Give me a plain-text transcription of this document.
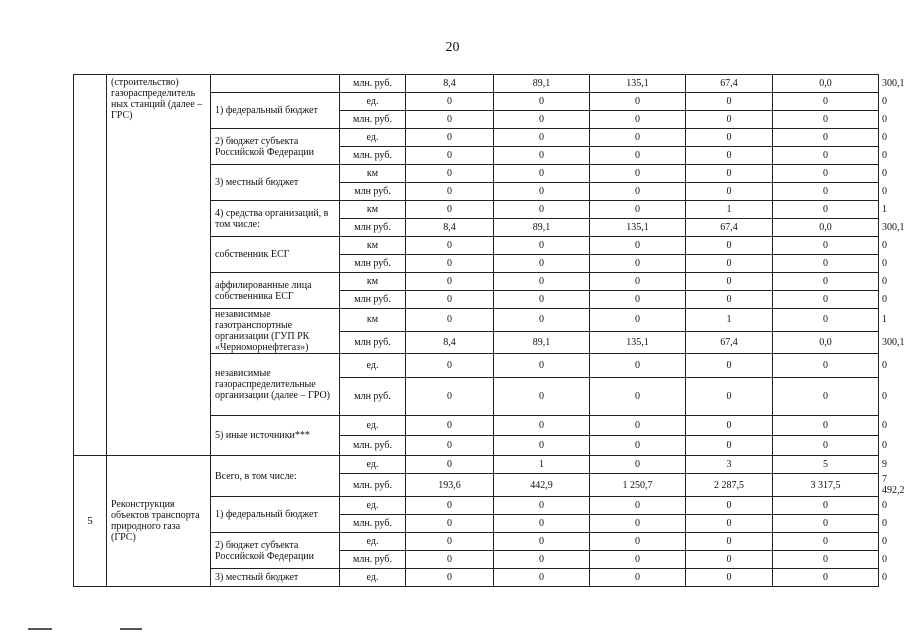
20
	(строительство) газораспределитель ных станций (далее – ГРС)		млн. руб.	8,4	89,1	135,1	67,4	0,0	300,1
		1) федеральный бюджет	ед.	0	0	0	0	0	0
			млн. руб.	0	0	0	0	0	0
		2) бюджет субъекта Российской Федерации	ед.	0	0	0	0	0	0
			млн. руб.	0	0	0	0	0	0
		3) местный бюджет	км	0	0	0	0	0	0
			млн руб.	0	0	0	0	0	0
		4) средства организаций, в том числе:	км	0	0	0	1	0	1
			млн руб.	8,4	89,1	135,1	67,4	0,0	300,1
		собственник ЕСГ	км	0	0	0	0	0	0
			млн руб.	0	0	0	0	0	0
		аффилированные лица собственника ЕСГ	км	0	0	0	0	0	0
			млн руб.	0	0	0	0	0	0
		независимые газотранспортные организации (ГУП РК «Черноморнефтегаз»)	км	0	0	0	1	0	1
			млн руб.	8,4	89,1	135,1	67,4	0,0	300,1
		независимые газораспределительные организации (далее – ГРО)	ед.	0	0	0	0	0	0
			млн руб.	0	0	0	0	0	0
		5) иные источники***	ед.	0	0	0	0	0	0
			млн. руб.	0	0	0	0	0	0
5	Реконструкция объектов транспорта природного газа (ГРС)	Всего, в том числе:	ед.	0	1	0	3	5	9
			млн. руб.	193,6	442,9	1 250,7	2 287,5	3 317,5	7 492,2
		1) федеральный бюджет	ед.	0	0	0	0	0	0
			млн. руб.	0	0	0	0	0	0
		2) бюджет субъекта Российской Федерации	ед.	0	0	0	0	0	0
			млн. руб.	0	0	0	0	0	0
		3) местный бюджет	ед.	0	0	0	0	0	0
